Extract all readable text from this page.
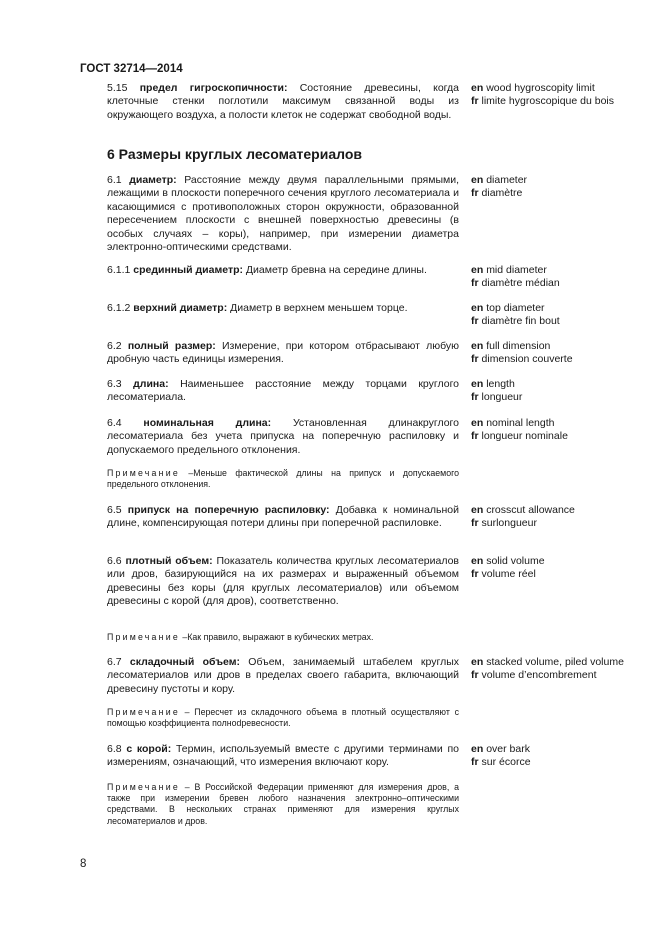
ГОСТ 32714—2014
5.15 предел гигроскопичности: Состояние древесины, когда клеточные стенки поглотили максимум связанной воды из окружающего воздуха, а полости клеток не содержат свободной воды.
en wood hygroscopity limit
fr limite hygroscopique du bois
6 Размеры круглых лесоматериалов
6.1 диаметр: Расстояние между двумя параллельными прямыми, лежащими в плоскости поперечного сечения круглого лесоматериала и касающимися с противоположных сторон окружности, образованной пересечением плоскости с внешней поверхностью древесины (в особых случаях – коры), например, при измерении диаметра электронно-оптическими средствами.
en diameter
fr diamètre
6.1.1 срединный диаметр: Диаметр бревна на середине длины.	en mid diameter
fr diamètre médian
6.1.2 верхний диаметр: Диаметр в верхнем меньшем торце.	en top diameter
fr diamètre fin bout
6.2 полный размер: Измерение, при котором отбрасывают любую дробную часть единицы измерения.
en full dimension
fr dimension couverte
6.3 длина: Наименьшее расстояние между торцами круглого лесоматериала.
en length
fr longueur
6.4 номинальная длина: Установленная длинакруглого лесоматериала без учета припуска на поперечную распиловку и допускаемого предельного отклонения.
en nominal length
fr longueur nominale
Примечание –Меньше фактической длины на припуск и допускаемого предельного отклонения.
6.5 припуск на поперечную распиловку: Добавка к номинальной длине, компенсирующая потери длины при поперечной распиловке.
en crosscut allowance
fr surlongueur
6.6 плотный объем: Показатель количества круглых лесоматериалов или дров, базирующийся на их размерах и выраженный объемом древесины без коры (для круглых лесоматериалов) или объемом древесины с корой (для дров), соответственно.
en solid volume
fr volume réel
Примечание –Как правило, выражают в кубических метрах.
6.7 складочный объем: Объем, занимаемый штабелем круглых лесоматериалов или дров в пределах своего габарита, включающий древесину пустоты и кору.
en stacked volume, piled volume
fr volume d’encombrement
Примечание – Пересчет из складочного объема в плотный осуществляют с помощью коэффициента полноdревесности.
6.8 с корой: Термин, используемый вместе с другими терминами по измерениям, означающий, что измерения включают кору.
en over bark
fr sur écorce
Примечание – В Российской Федерации применяют для измерения дров, а также при измерении бревен любого назначения электронно–оптическими средствами. В нескольких странах применяют для измерения круглых лесоматериалов и дров.
8
